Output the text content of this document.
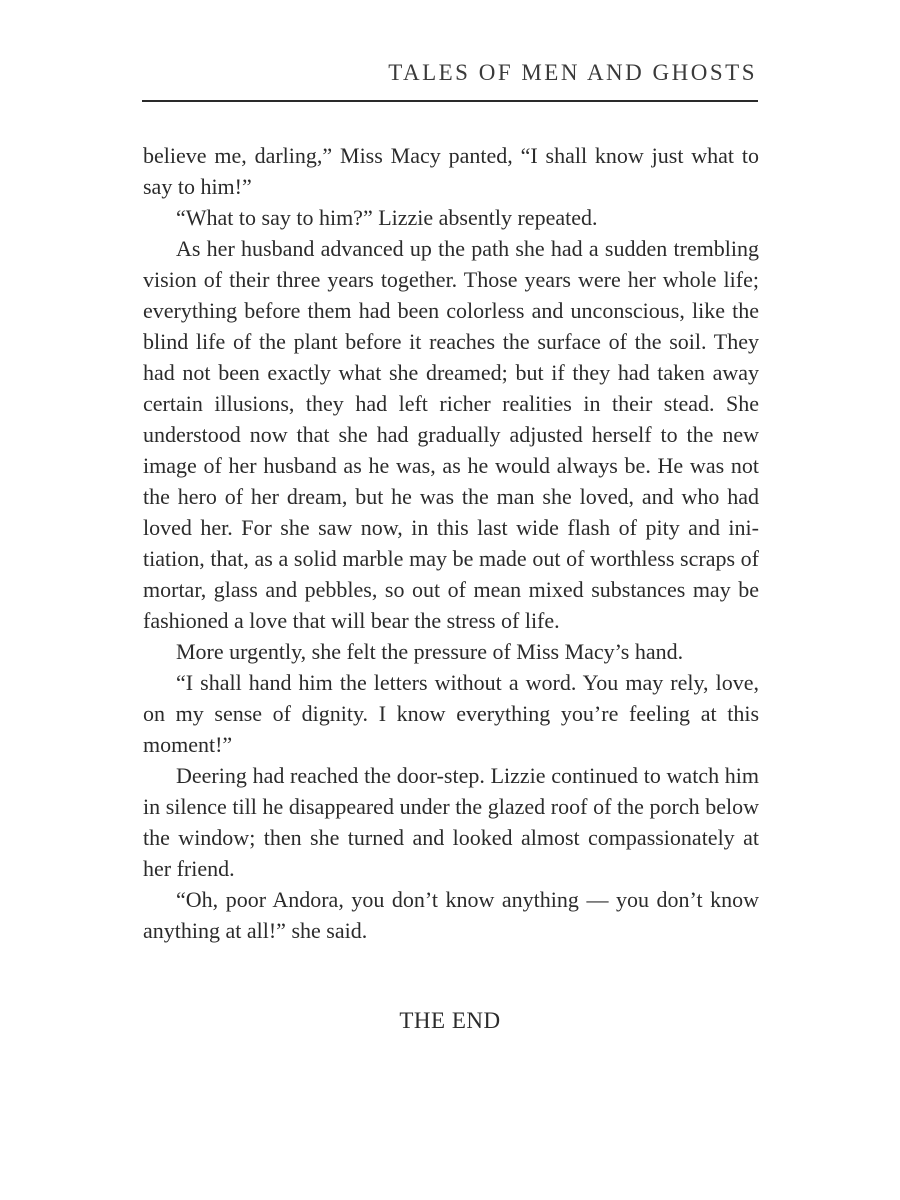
TALES OF MEN AND GHOSTS

believe me, darling,” Miss Macy panted, “I shall know just what to say to him!”

“What to say to him?” Lizzie absently repeated.

As her husband advanced up the path she had a sudden trembling vision of their three years together. Those years were her whole life; everything before them had been colorless and unconscious, like the blind life of the plant before it reaches the surface of the soil. They had not been exactly what she dreamed; but if they had taken away certain illusions, they had left richer realities in their stead. She understood now that she had gradually adjusted herself to the new image of her husband as he was, as he would always be. He was not the hero of her dream, but he was the man she loved, and who had loved her. For she saw now, in this last wide flash of pity and initiation, that, as a solid marble may be made out of worthless scraps of mortar, glass and pebbles, so out of mean mixed substances may be fashioned a love that will bear the stress of life.

More urgently, she felt the pressure of Miss Macy’s hand.

“I shall hand him the letters without a word. You may rely, love, on my sense of dignity. I know everything you’re feeling at this moment!”

Deering had reached the door-step. Lizzie continued to watch him in silence till he disappeared under the glazed roof of the porch below the window; then she turned and looked almost compassionately at her friend.

“Oh, poor Andora, you don’t know anything — you don’t know anything at all!” she said.

THE END
